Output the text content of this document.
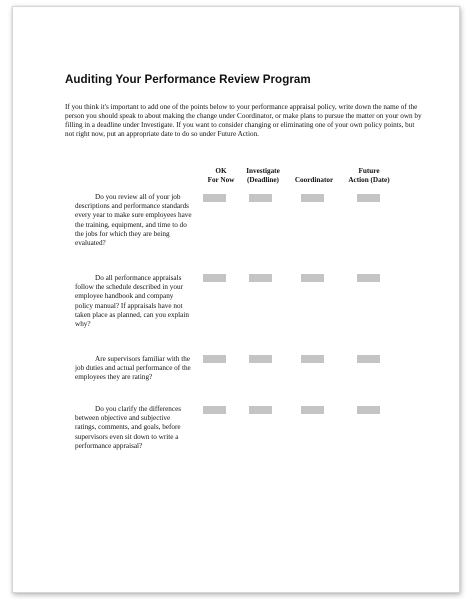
Auditing Your Performance Review Program

If you think it's important to add one of the points below to your performance appraisal policy, write down the name of the person you should speak to about making the change under Coordinator, or make plans to pursue the matter on your own by filling in a deadline under Investigate. If you want to consider changing or eliminating one of your own policy points, but not right now, put an appropriate date to do so under Future Action.

OK
For Now
Investigate
(Deadline)
	Coordinator
Future
Action (Date)

Do you review all of your job descriptions and performance standards every year to make sure employees have the training, equipment, and time to do the jobs for which they are being evaluated?

Do all performance appraisals follow the schedule described in your employee handbook and company policy manual? If appraisals have not taken place as planned, can you explain why?

Are supervisors familiar with the job duties and actual performance of the employees they are rating?

Do you clarify the differences between objective and subjective ratings, comments, and goals, before supervisors even sit down to write a performance appraisal?
